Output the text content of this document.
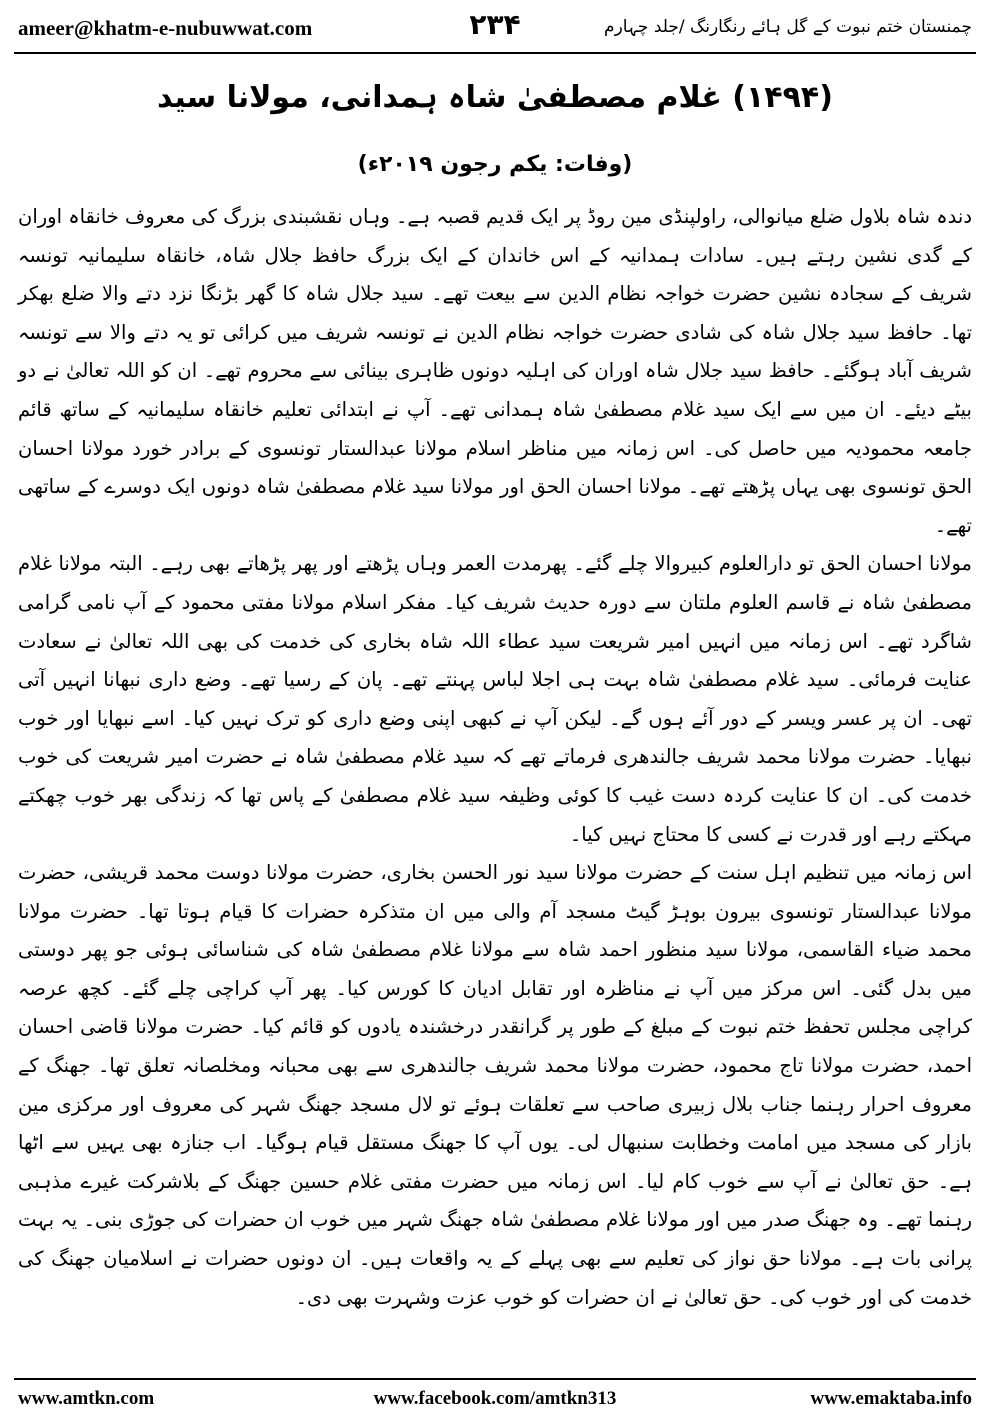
ameer@khatm-e-nubuwwat.com	۲۳۴	چمنستان ختم نبوت کے گل ہائے رنگارنگ /جلد چہارم
(۱۴۹۴) غلام مصطفیٰ شاہ ہمدانی، مولانا سید
(وفات: یکم رجون ۲۰۱۹ء)

دندہ شاہ بلاول ضلع میانوالی، راولپنڈی مین روڈ پر ایک قدیم قصبہ ہے۔ وہاں نقشبندی بزرگ کی معروف خانقاہ اوران کے گدی نشین رہتے ہیں۔ سادات ہمدانیہ کے اس خاندان کے ایک بزرگ حافظ جلال شاہ، خانقاہ سلیمانیہ تونسہ شریف کے سجادہ نشین حضرت خواجہ نظام الدین سے بیعت تھے۔ سید جلال شاہ کا گھر بڑنگا نزد دتے والا ضلع بھکر تھا۔ حافظ سید جلال شاہ کی شادی حضرت خواجہ نظام الدین نے تونسہ شریف میں کرائی تو یہ دتے والا سے تونسہ شریف آباد ہوگئے۔ حافظ سید جلال شاہ اوران کی اہلیہ دونوں ظاہری بینائی سے محروم تھے۔ ان کو اللہ تعالیٰ نے دو بیٹے دیئے۔ ان میں سے ایک سید غلام مصطفیٰ شاہ ہمدانی تھے۔ آپ نے ابتدائی تعلیم خانقاہ سلیمانیہ کے ساتھ قائم جامعہ محمودیہ میں حاصل کی۔ اس زمانہ میں مناظر اسلام مولانا عبدالستار تونسوی کے برادر خورد مولانا احسان الحق تونسوی بھی یہاں پڑھتے تھے۔ مولانا احسان الحق اور مولانا سید غلام مصطفیٰ شاہ دونوں ایک دوسرے کے ساتھی تھے۔

مولانا احسان الحق تو دارالعلوم کبیروالا چلے گئے۔ پھرمدت العمر وہاں پڑھتے اور پھر پڑھاتے بھی رہے۔ البتہ مولانا غلام مصطفیٰ شاہ نے قاسم العلوم ملتان سے دورہ حدیث شریف کیا۔ مفکر اسلام مولانا مفتی محمود کے آپ نامی گرامی شاگرد تھے۔ اس زمانہ میں انہیں امیر شریعت سید عطاء اللہ شاہ بخاری کی خدمت کی بھی اللہ تعالیٰ نے سعادت عنایت فرمائی۔ سید غلام مصطفیٰ شاہ بہت ہی اجلا لباس پہنتے تھے۔ پان کے رسیا تھے۔ وضع داری نبھانا انہیں آتی تھی۔ ان پر عسر ویسر کے دور آئے ہوں گے۔ لیکن آپ نے کبھی اپنی وضع داری کو ترک نہیں کیا۔ اسے نبھایا اور خوب نبھایا۔ حضرت مولانا محمد شریف جالندھری فرماتے تھے کہ سید غلام مصطفیٰ شاہ نے حضرت امیر شریعت کی خوب خدمت کی۔ ان کا عنایت کردہ دست غیب کا کوئی وظیفہ سید غلام مصطفیٰ کے پاس تھا کہ زندگی بھر خوب چھکتے مہکتے رہے اور قدرت نے کسی کا محتاج نہیں کیا۔

اس زمانہ میں تنظیم اہل سنت کے حضرت مولانا سید نور الحسن بخاری، حضرت مولانا دوست محمد قریشی، حضرت مولانا عبدالستار تونسوی بیرون بوہڑ گیٹ مسجد آم والی میں ان متذکرہ حضرات کا قیام ہوتا تھا۔ حضرت مولانا محمد ضیاء القاسمی، مولانا سید منظور احمد شاہ سے مولانا غلام مصطفیٰ شاہ کی شناسائی ہوئی جو پھر دوستی میں بدل گئی۔ اس مرکز میں آپ نے مناظرہ اور تقابل ادیان کا کورس کیا۔ پھر آپ کراچی چلے گئے۔ کچھ عرصہ کراچی مجلس تحفظ ختم نبوت کے مبلغ کے طور پر گرانقدر درخشندہ یادوں کو قائم کیا۔ حضرت مولانا قاضی احسان احمد، حضرت مولانا تاج محمود، حضرت مولانا محمد شریف جالندھری سے بھی محبانہ ومخلصانہ تعلق تھا۔ جھنگ کے معروف احرار رہنما جناب بلال زبیری صاحب سے تعلقات ہوئے تو لال مسجد جھنگ شہر کی معروف اور مرکزی مین بازار کی مسجد میں امامت وخطابت سنبھال لی۔ یوں آپ کا جھنگ مستقل قیام ہوگیا۔ اب جنازہ بھی یہیں سے اٹھا ہے۔ حق تعالیٰ نے آپ سے خوب کام لیا۔ اس زمانہ میں حضرت مفتی غلام حسین جھنگ کے بلاشرکت غیرے مذہبی رہنما تھے۔ وہ جھنگ صدر میں اور مولانا غلام مصطفیٰ شاہ جھنگ شہر میں خوب ان حضرات کی جوڑی بنی۔ یہ بہت پرانی بات ہے۔ مولانا حق نواز کی تعلیم سے بھی پہلے کے یہ واقعات ہیں۔ ان دونوں حضرات نے اسلامیان جھنگ کی خدمت کی اور خوب کی۔ حق تعالیٰ نے ان حضرات کو خوب عزت وشہرت بھی دی۔

www.amtkn.com	www.facebook.com/amtkn313	www.emaktaba.info
